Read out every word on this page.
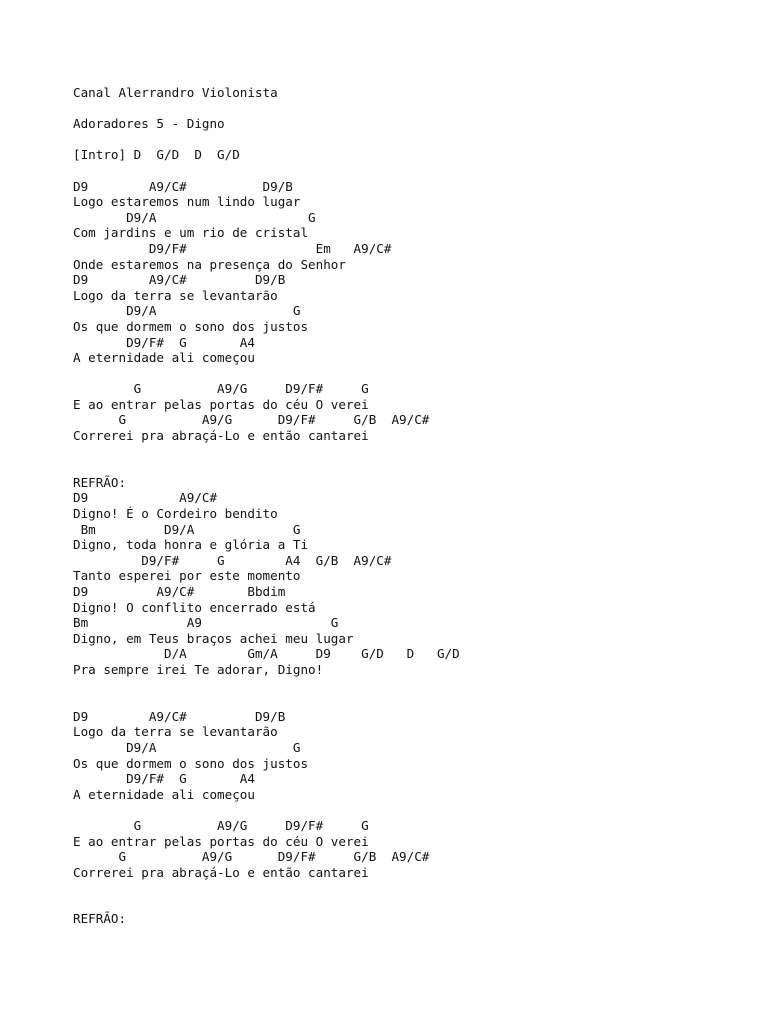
Canal Alerrandro Violonista
Adoradores 5 - Digno
[Intro] D  G/D  D  G/D
D9        A9/C#          D9/B
Logo estaremos num lindo lugar
D9/A                    G
Com jardins e um rio de cristal
D9/F#                 Em   A9/C#
Onde estaremos na presença do Senhor
D9        A9/C#         D9/B
Logo da terra se levantarão
D9/A                  G
Os que dormem o sono dos justos
D9/F#  G       A4
A eternidade ali começou
G          A9/G     D9/F#     G
E ao entrar pelas portas do céu O verei
G          A9/G      D9/F#     G/B  A9/C#
Correrei pra abraçá-Lo e então cantarei
REFRÃO:
D9            A9/C#
Digno! É o Cordeiro bendito
Bm         D9/A             G
Digno, toda honra e glória a Ti
D9/F#     G        A4  G/B  A9/C#
Tanto esperei por este momento
D9         A9/C#       Bbdim
Digno! O conflito encerrado está
Bm             A9                 G
Digno, em Teus braços achei meu lugar
D/A        Gm/A     D9    G/D   D   G/D
Pra sempre irei Te adorar, Digno!
D9        A9/C#         D9/B
Logo da terra se levantarão
D9/A                  G
Os que dormem o sono dos justos
D9/F#  G       A4
A eternidade ali começou
G          A9/G     D9/F#     G
E ao entrar pelas portas do céu O verei
G          A9/G      D9/F#     G/B  A9/C#
Correrei pra abraçá-Lo e então cantarei
REFRÃO:
